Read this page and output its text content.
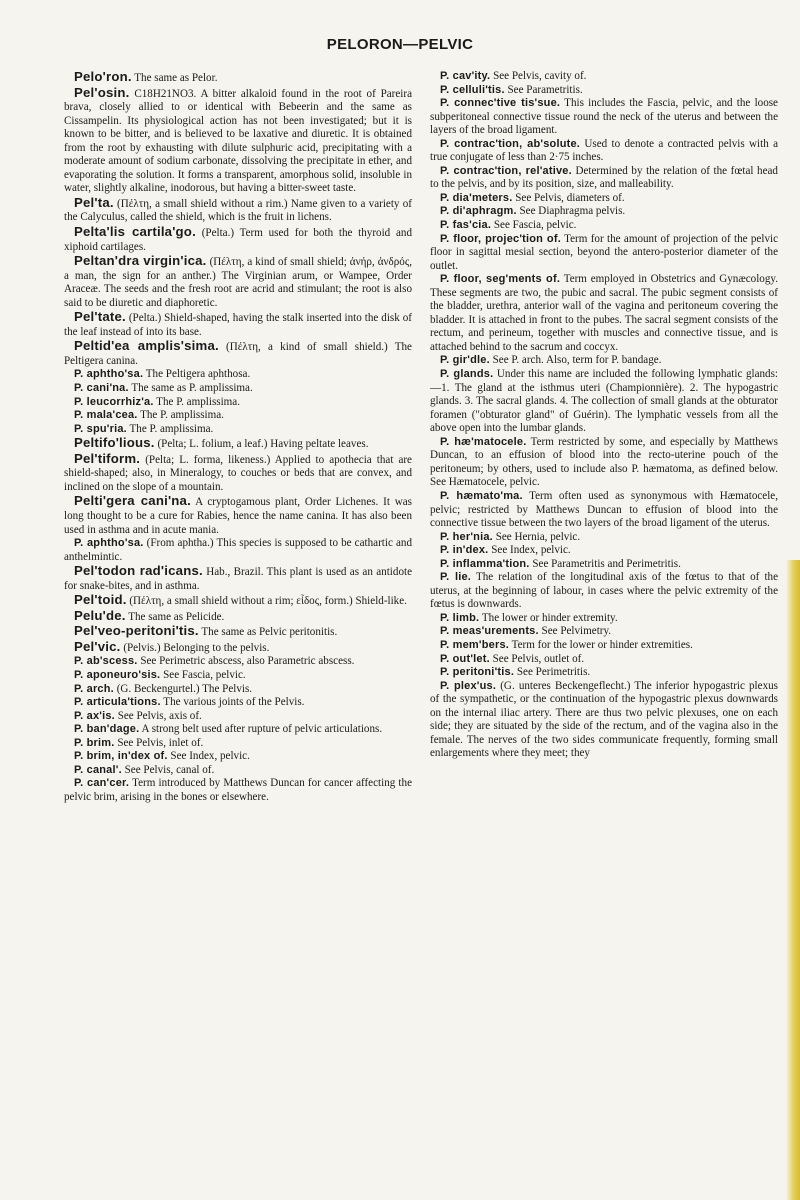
PELORON—PELVIC

Pelo'ron. The same as Pelor.

Pel'osin. C18H21NO3. A bitter alkaloid found in the root of Pareira brava, closely allied to or identical with Bebeerin and the same as Cissampelin. Its physiological action has not been investigated; but it is known to be bitter, and is believed to be laxative and diuretic. It is obtained from the root by exhausting with dilute sulphuric acid, precipitating with a moderate amount of sodium carbonate, dissolving the precipitate in ether, and evaporating the solution. It forms a transparent, amorphous solid, insoluble in water, slightly alkaline, inodorous, but having a bitter-sweet taste.

Pel'ta. (Πέλτη, a small shield without a rim.) Name given to a variety of the Calyculus, called the shield, which is the fruit in lichens.

Pelta'lis cartila'go. (Pelta.) Term used for both the thyroid and xiphoid cartilages.

Peltan'dra virgin'ica. (Πέλτη, a kind of small shield; ἀνήρ, ἀνδρός, a man, the sign for an anther.) The Virginian arum, or Wampee, Order Araceæ. The seeds and the fresh root are acrid and stimulant; the root is also said to be diuretic and diaphoretic.

Pel'tate. (Pelta.) Shield-shaped, having the stalk inserted into the disk of the leaf instead of into its base.

Peltid'ea amplis'sima. (Πέλτη, a kind of small shield.) The Peltigera canina.

P. aphtho'sa. The Peltigera aphthosa.

P. cani'na. The same as P. amplissima.

P. leucorrhiz'a. The P. amplissima.

P. mala'cea. The P. amplissima.

P. spu'ria. The P. amplissima.

Peltifo'lious. (Pelta; L. folium, a leaf.) Having peltate leaves.

Pel'tiform. (Pelta; L. forma, likeness.) Applied to apothecia that are shield-shaped; also, in Mineralogy, to couches or beds that are convex, and inclined on the slope of a mountain.

Pelti'gera cani'na. A cryptogamous plant, Order Lichenes. It was long thought to be a cure for Rabies, hence the name canina. It has also been used in asthma and in acute mania.

P. aphtho'sa. (From aphtha.) This species is supposed to be cathartic and anthelmintic.

Pel'todon rad'icans. Hab., Brazil. This plant is used as an antidote for snake-bites, and in asthma.

Pel'toid. (Πέλτη, a small shield without a rim; εἶδος, form.) Shield-like.

Pelu'de. The same as Pelicide.

Pel'veo-peritoni'tis. The same as Pelvic peritonitis.

Pel'vic. (Pelvis.) Belonging to the pelvis.

P. ab'scess. See Perimetric abscess, also Parametric abscess.

P. aponeuro'sis. See Fascia, pelvic.

P. arch. (G. Beckengurtel.) The Pelvis.

P. articula'tions. The various joints of the Pelvis.

P. ax'is. See Pelvis, axis of.

P. ban'dage. A strong belt used after rupture of pelvic articulations.

P. brim. See Pelvis, inlet of.

P. brim, in'dex of. See Index, pelvic.

P. canal'. See Pelvis, canal of.

P. can'cer. Term introduced by Matthews Duncan for cancer affecting the pelvic brim, arising in the bones or elsewhere.

P. cav'ity. See Pelvis, cavity of.

P. celluli'tis. See Parametritis.

P. connec'tive tis'sue. This includes the Fascia, pelvic, and the loose subperitoneal connective tissue round the neck of the uterus and between the layers of the broad ligament.

P. contrac'tion, ab'solute. Used to denote a contracted pelvis with a true conjugate of less than 2·75 inches.

P. contrac'tion, rel'ative. Determined by the relation of the fœtal head to the pelvis, and by its position, size, and malleability.

P. dia'meters. See Pelvis, diameters of.

P. di'aphragm. See Diaphragma pelvis.

P. fas'cia. See Fascia, pelvic.

P. floor, projec'tion of. Term for the amount of projection of the pelvic floor in sagittal mesial section, beyond the antero-posterior diameter of the outlet.

P. floor, seg'ments of. Term employed in Obstetrics and Gynæcology. These segments are two, the pubic and sacral. The pubic segment consists of the bladder, urethra, anterior wall of the vagina and peritoneum covering the bladder. It is attached in front to the pubes. The sacral segment consists of the rectum, and perineum, together with muscles and connective tissue, and is attached behind to the sacrum and coccyx.

P. gir'dle. See P. arch. Also, term for P. bandage.

P. glands. Under this name are included the following lymphatic glands:—1. The gland at the isthmus uteri (Championnière). 2. The hypogastric glands. 3. The sacral glands. 4. The collection of small glands at the obturator foramen ("obturator gland" of Guérin). The lymphatic vessels from all the above open into the lumbar glands.

P. hæ'matocele. Term restricted by some, and especially by Matthews Duncan, to an effusion of blood into the recto-uterine pouch of the peritoneum; by others, used to include also P. hæmatoma, as defined below. See Hæmatocele, pelvic.

P. hæmato'ma. Term often used as synonymous with Hæmatocele, pelvic; restricted by Matthews Duncan to effusion of blood into the connective tissue between the two layers of the broad ligament of the uterus.

P. her'nia. See Hernia, pelvic.

P. in'dex. See Index, pelvic.

P. inflamma'tion. See Parametritis and Perimetritis.

P. lie. The relation of the longitudinal axis of the fœtus to that of the uterus, at the beginning of labour, in cases where the pelvic extremity of the fœtus is downwards.

P. limb. The lower or hinder extremity.

P. meas'urements. See Pelvimetry.

P. mem'bers. Term for the lower or hinder extremities.

P. out'let. See Pelvis, outlet of.

P. peritoni'tis. See Perimetritis.

P. plex'us. (G. unteres Beckengeflecht.) The inferior hypogastric plexus of the sympathetic, or the continuation of the hypogastric plexus downwards on the internal iliac artery. There are thus two pelvic plexuses, one on each side; they are situated by the side of the rectum, and of the vagina also in the female. The nerves of the two sides communicate frequently, forming small enlargements where they meet; they
